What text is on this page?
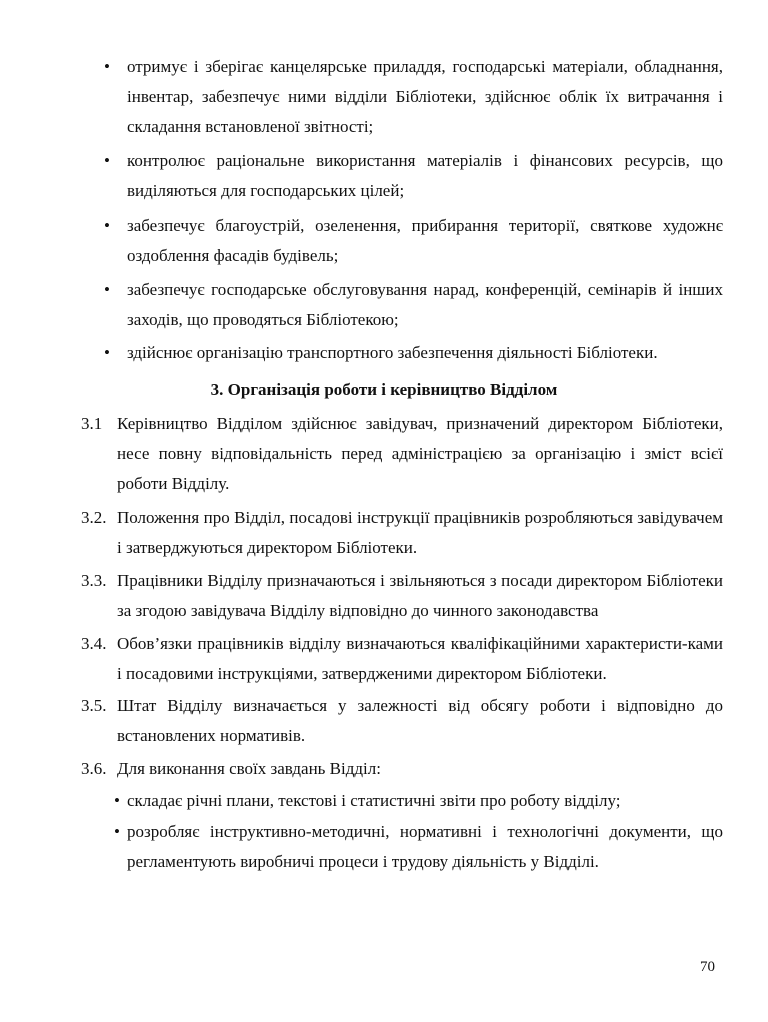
• отримує і зберігає канцелярське приладдя, господарські матеріали, обладнання, інвентар, забезпечує ними відділи Бібліотеки, здійснює облік їх витрачання і складання встановленої звітності;

• контролює раціональне використання матеріалів і фінансових ресурсів, що виділяються для господарських цілей;

• забезпечує благоустрій, озеленення, прибирання території, святкове художнє оздоблення фасадів будівель;

• забезпечує господарське обслуговування нарад, конференцій, семінарів й інших заходів, що проводяться Бібліотекою;

• здійснює організацію транспортного забезпечення діяльності Бібліотеки.

3. Організація роботи і керівництво Відділом

3.1 Керівництво Відділом здійснює завідувач, призначений директором Бібліотеки, несе повну відповідальність перед адміністрацією за організацію і зміст всієї роботи Відділу.

3.2. Положення про Відділ, посадові інструкції працівників розробляються завідувачем і затверджуються директором Бібліотеки.

3.3. Працівники Відділу призначаються і звільняються з посади директором Бібліотеки за згодою завідувача Відділу відповідно до чинного законодавства

3.4. Обов’язки працівників відділу визначаються кваліфікаційними характеристи-ками і посадовими інструкціями, затвердженими директором Бібліотеки.

3.5. Штат Відділу визначається у залежності від обсягу роботи і відповідно до встановлених нормативів.

3.6. Для виконання своїх завдань Відділ:

• складає річні плани, текстові і статистичні звіти про роботу відділу;

• розробляє інструктивно-методичні, нормативні і технологічні документи, що регламентують виробничі процеси і трудову діяльність у Відділі.

70
